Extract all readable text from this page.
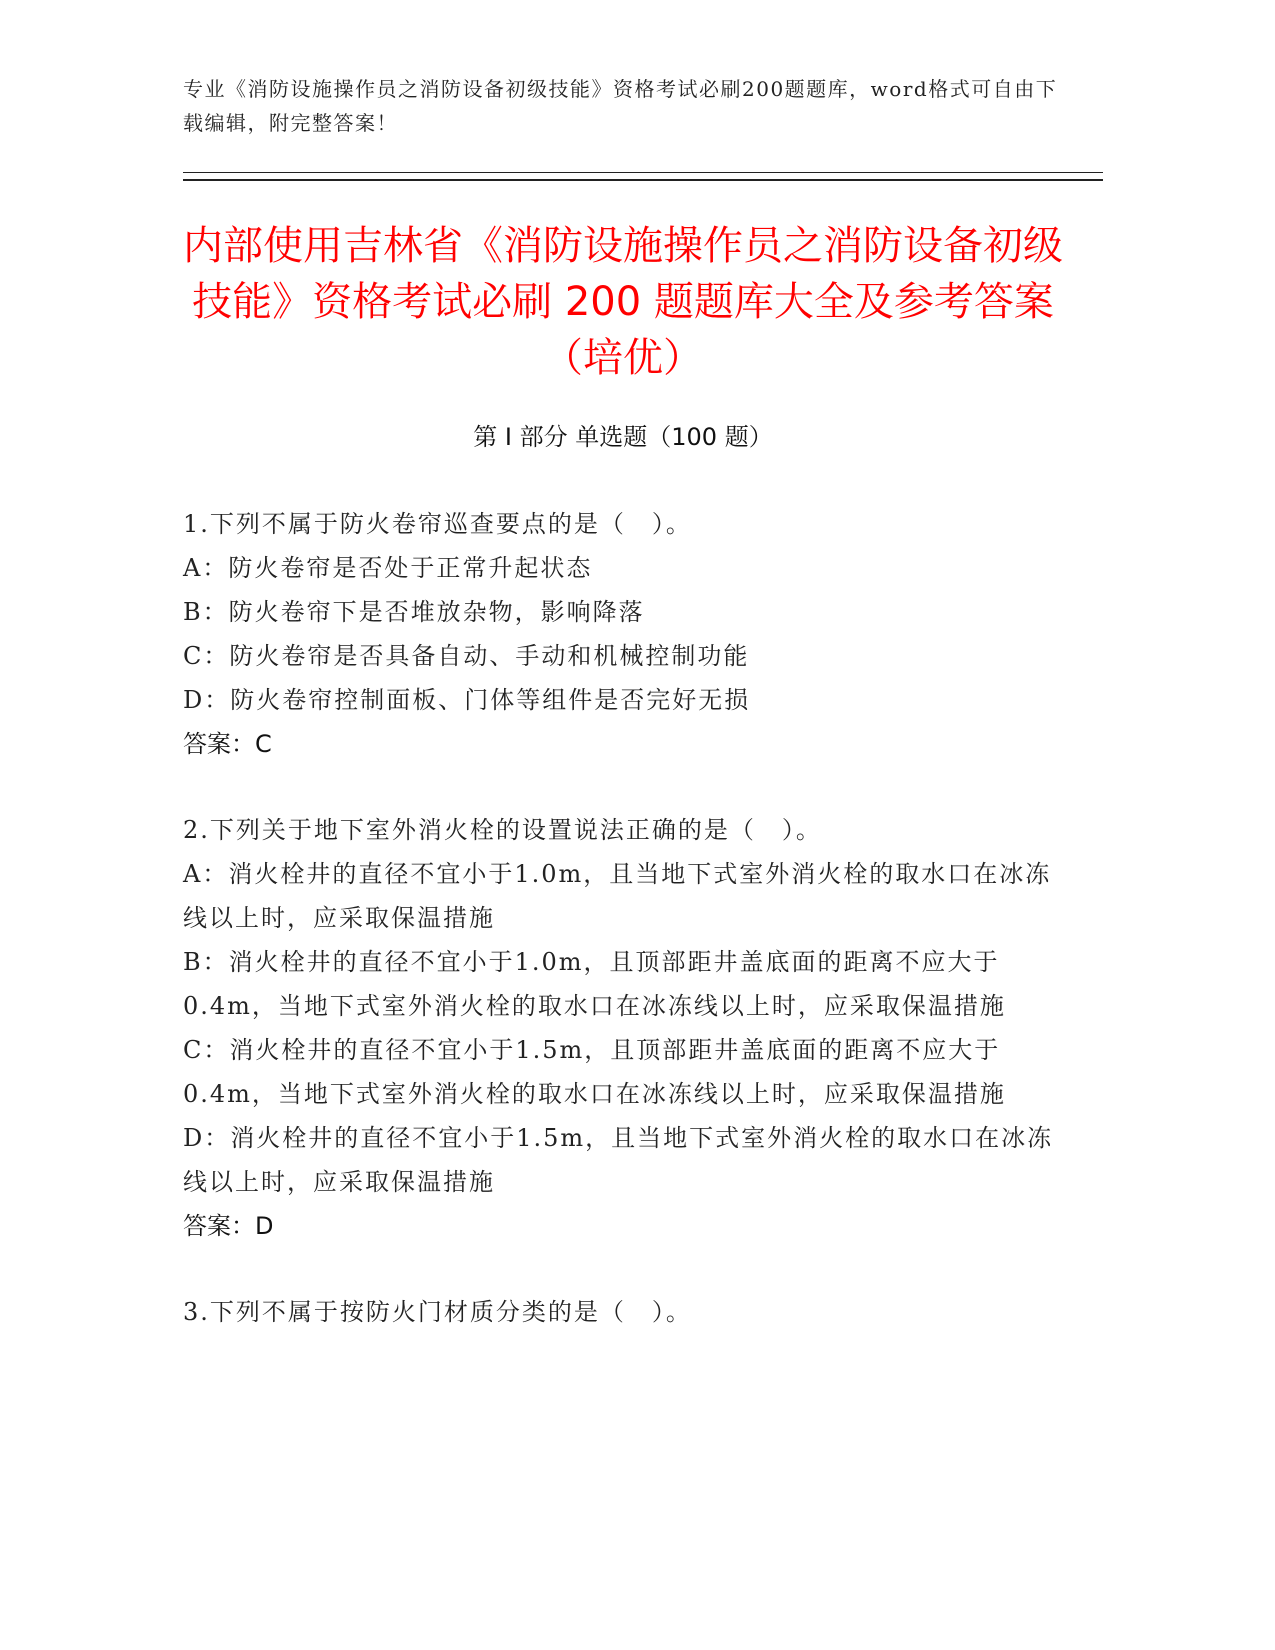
专业《消防设施操作员之消防设备初级技能》资格考试必刷200题题库，word格式可自由下载编辑，附完整答案！
内部使用吉林省《消防设施操作员之消防设备初级技能》资格考试必刷 200 题题库大全及参考答案（培优）
第 I 部分 单选题（100 题）
1.下列不属于防火卷帘巡查要点的是（　）。
A：防火卷帘是否处于正常升起状态
B：防火卷帘下是否堆放杂物，影响降落
C：防火卷帘是否具备自动、手动和机械控制功能
D：防火卷帘控制面板、门体等组件是否完好无损
答案：C
2.下列关于地下室外消火栓的设置说法正确的是（　）。
A：消火栓井的直径不宜小于1.0m，且当地下式室外消火栓的取水口在冰冻线以上时，应采取保温措施
B：消火栓井的直径不宜小于1.0m，且顶部距井盖底面的距离不应大于0.4m，当地下式室外消火栓的取水口在冰冻线以上时，应采取保温措施
C：消火栓井的直径不宜小于1.5m，且顶部距井盖底面的距离不应大于0.4m，当地下式室外消火栓的取水口在冰冻线以上时，应采取保温措施
D：消火栓井的直径不宜小于1.5m，且当地下式室外消火栓的取水口在冰冻线以上时，应采取保温措施
答案：D
3.下列不属于按防火门材质分类的是（　）。
